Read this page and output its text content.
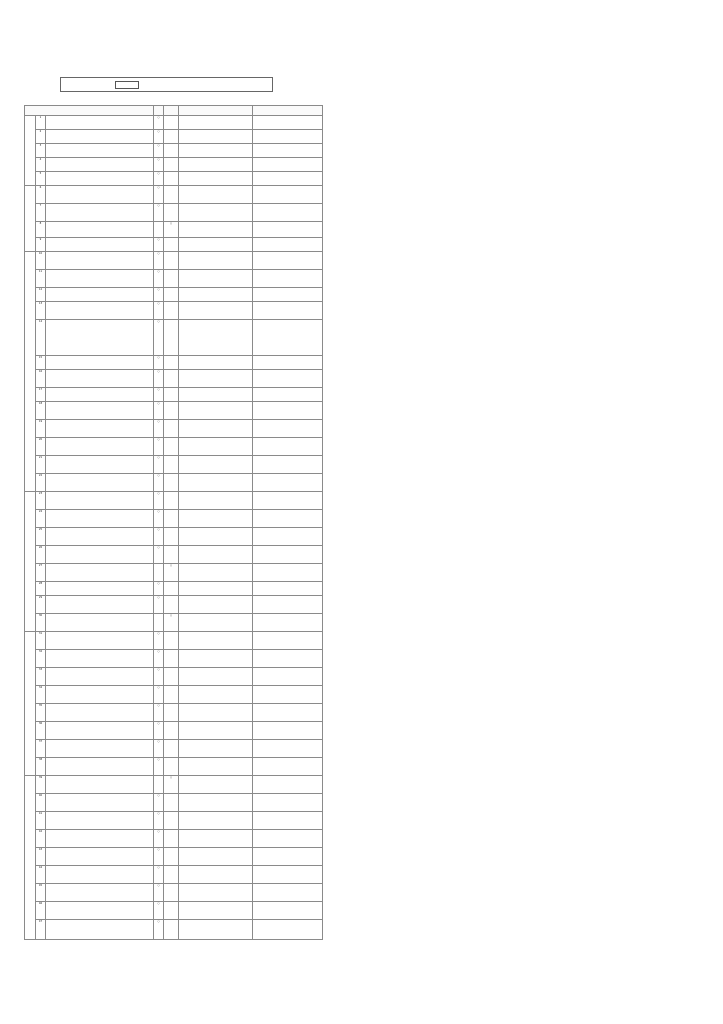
	1		○		

	2		○		

	3		○		

	4		○		

	5		○		

	6		○		

	7		○		

	8			○	

	9		○		

	10		○		

	11		○		

	12		○		

	13		○		

	14		○		

	15		○		

	16		○		

	17		○		

	18		○		

	19		○		

	20		○		

	21		○		

	22		○		

	23		○		

	24		○		

	25		○		

	26		○		

	27			○	

	28		○		

	29		○		

	30			○	

	31		○		

	32		○		

	33		○		

	34		○		

	35		○		

	36		○		

	37		○		

	38		○		

	39			○	

	40		○		

	41		○		

	42		○		

	43		○		

	44		○		

	45		○		

	46		○		

	47		○		
